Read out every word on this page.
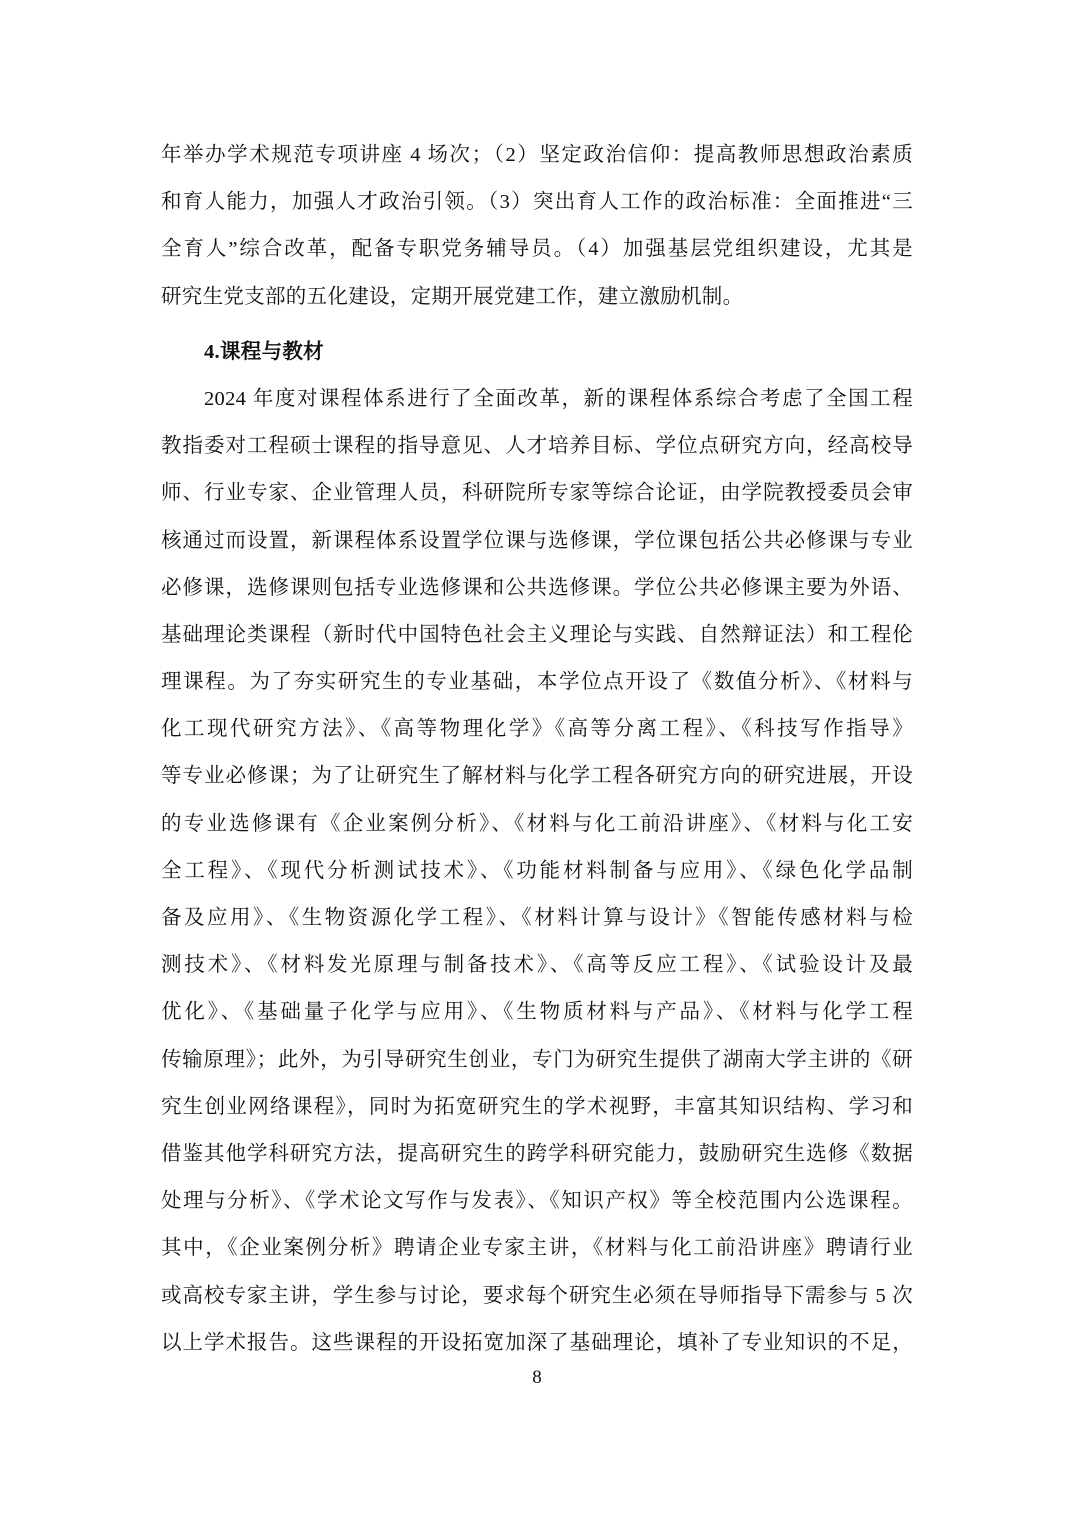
年举办学术规范专项讲座 4 场次；（2）坚定政治信仰：提高教师思想政治素质
和育人能力，加强人才政治引领。（3）突出育人工作的政治标准：全面推进“三
全育人”综合改革，配备专职党务辅导员。（4）加强基层党组织建设，尤其是
研究生党支部的五化建设，定期开展党建工作，建立激励机制。
4.课程与教材
2024 年度对课程体系进行了全面改革，新的课程体系综合考虑了全国工程
教指委对工程硕士课程的指导意见、人才培养目标、学位点研究方向，经高校导
师、行业专家、企业管理人员，科研院所专家等综合论证，由学院教授委员会审
核通过而设置，新课程体系设置学位课与选修课，学位课包括公共必修课与专业
必修课，选修课则包括专业选修课和公共选修课。学位公共必修课主要为外语、
基础理论类课程（新时代中国特色社会主义理论与实践、自然辩证法）和工程伦
理课程。为了夯实研究生的专业基础，本学位点开设了《数值分析》、《材料与
化工现代研究方法》、《高等物理化学》《高等分离工程》、《科技写作指导》
等专业必修课；为了让研究生了解材料与化学工程各研究方向的研究进展，开设
的专业选修课有《企业案例分析》、《材料与化工前沿讲座》、《材料与化工安
全工程》、《现代分析测试技术》、《功能材料制备与应用》、《绿色化学品制
备及应用》、《生物资源化学工程》、《材料计算与设计》《智能传感材料与检
测技术》、《材料发光原理与制备技术》、《高等反应工程》、《试验设计及最
优化》、《基础量子化学与应用》、《生物质材料与产品》、《材料与化学工程
传输原理》；此外，为引导研究生创业，专门为研究生提供了湖南大学主讲的《研
究生创业网络课程》，同时为拓宽研究生的学术视野，丰富其知识结构、学习和
借鉴其他学科研究方法，提高研究生的跨学科研究能力，鼓励研究生选修《数据
处理与分析》、《学术论文写作与发表》、《知识产权》等全校范围内公选课程。
其中，《企业案例分析》聘请企业专家主讲，《材料与化工前沿讲座》聘请行业
或高校专家主讲，学生参与讨论，要求每个研究生必须在导师指导下需参与 5 次
以上学术报告。这些课程的开设拓宽加深了基础理论，填补了专业知识的不足，
8
